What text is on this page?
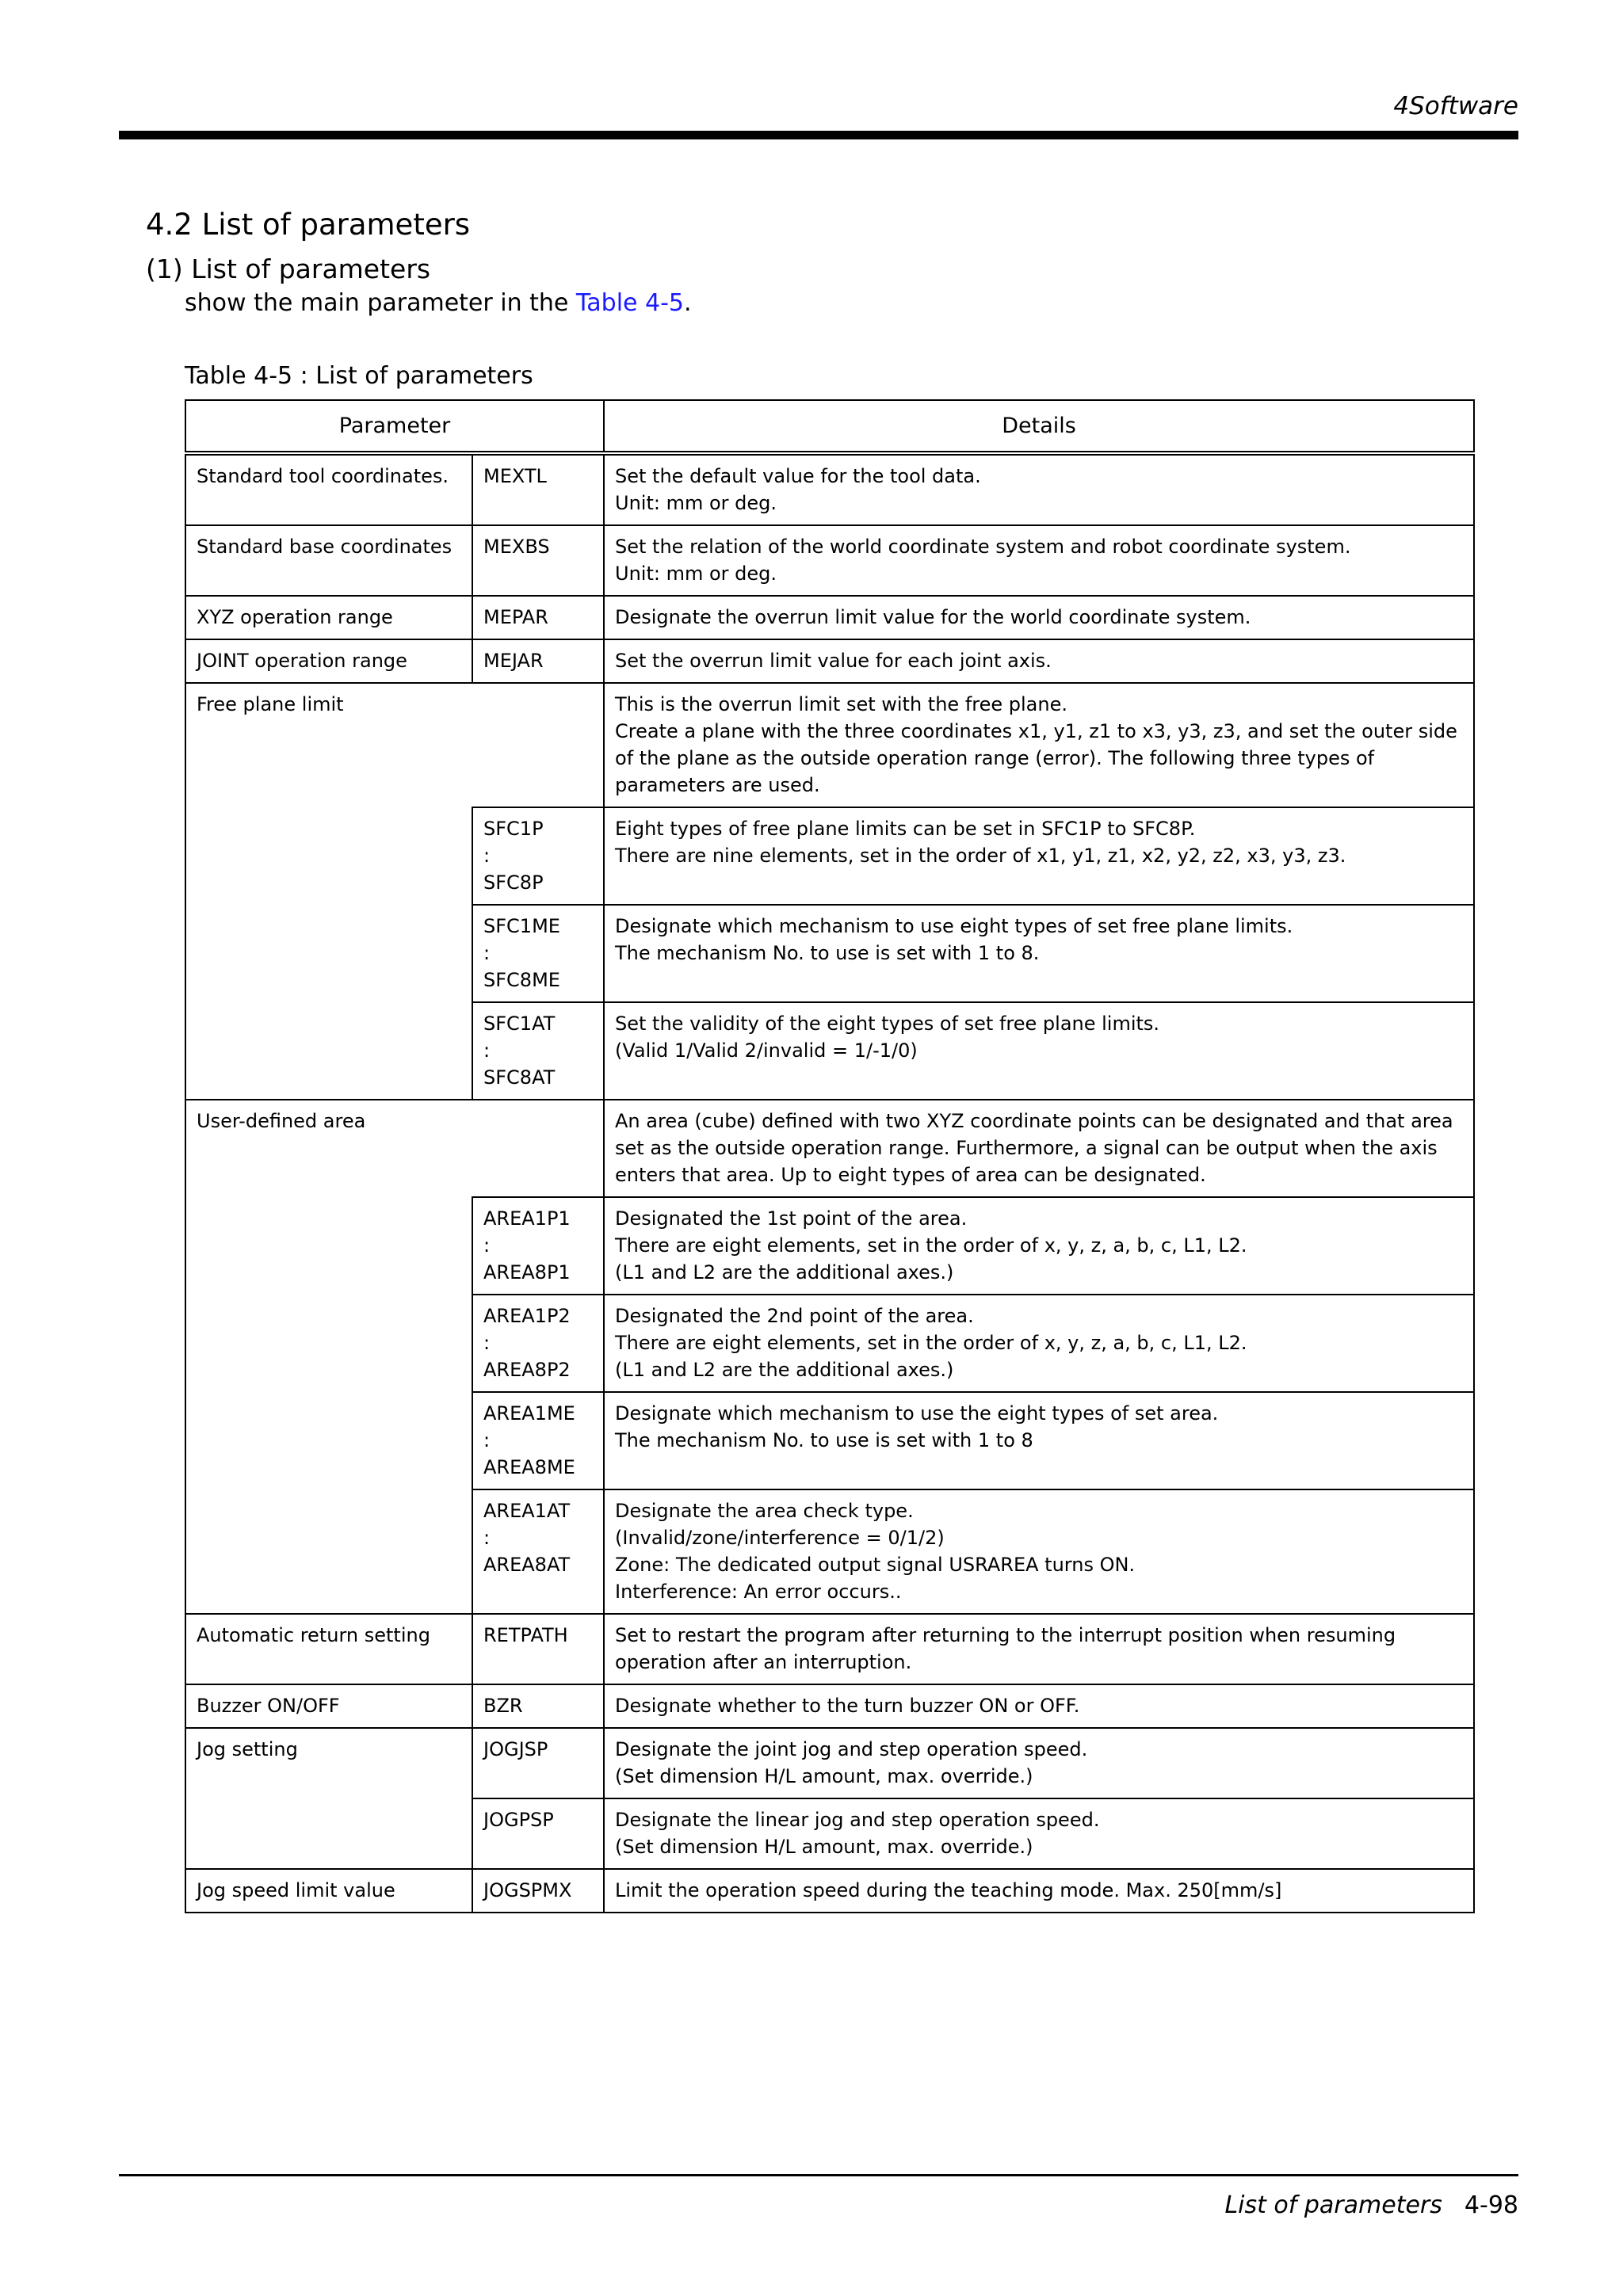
4Software
4.2 List of parameters
(1) List of parameters
show the main parameter in the Table 4-5.
Table 4-5 : List of parameters
Parameter		Details
Standard tool coordinates.	MEXTL	Set the default value for the tool data.
Unit: mm or deg.

Standard base coordinates	MEXBS	Set the relation of the world coordinate system and robot coordinate system.
Unit: mm or deg.

XYZ operation range	MEPAR	Designate the overrun limit value for the world coordinate system.

JOINT operation range	MEJAR	Set the overrun limit value for each joint axis.

Free plane limit		This is the overrun limit set with the free plane.
Create a plane with the three coordinates x1, y1, z1 to x3, y3, z3, and set the outer side of the plane as the outside operation range (error). The following three types of parameters are used.

	SFC1P
:
SFC8P	Eight types of free plane limits can be set in SFC1P to SFC8P.
There are nine elements, set in the order of x1, y1, z1, x2, y2, z2, x3, y3, z3.

	SFC1ME
:
SFC8ME	Designate which mechanism to use eight types of set free plane limits.
The mechanism No. to use is set with 1 to 8.

	SFC1AT
:
SFC8AT	Set the validity of the eight types of set free plane limits.
(Valid 1/Valid 2/invalid = 1/-1/0)

User-defined area		An area (cube) defined with two XYZ coordinate points can be designated and that area set as the outside operation range. Furthermore, a signal can be output when the axis enters that area. Up to eight types of area can be designated.

	AREA1P1
:
AREA8P1	Designated the 1st point of the area.
There are eight elements, set in the order of x, y, z, a, b, c, L1, L2.
(L1 and L2 are the additional axes.)

	AREA1P2
:
AREA8P2	Designated the 2nd point of the area.
There are eight elements, set in the order of x, y, z, a, b, c, L1, L2.
(L1 and L2 are the additional axes.)

	AREA1ME
:
AREA8ME	Designate which mechanism to use the eight types of set area.
The mechanism No. to use is set with 1 to 8

	AREA1AT
:
AREA8AT	Designate the area check type.
(Invalid/zone/interference = 0/1/2)
Zone: The dedicated output signal USRAREA turns ON.
Interference: An error occurs..

Automatic return setting	RETPATH	Set to restart the program after returning to the interrupt position when resuming operation after an interruption.

Buzzer ON/OFF	BZR	Designate whether to the turn buzzer ON or OFF.

Jog setting	JOGJSP	Designate the joint jog and step operation speed.
(Set dimension H/L amount, max. override.)

	JOGPSP	Designate the linear jog and step operation speed.
(Set dimension H/L amount, max. override.)

Jog speed limit value	JOGSPMX	Limit the operation speed during the teaching mode. Max. 250[mm/s]
List of parameters 4-98
